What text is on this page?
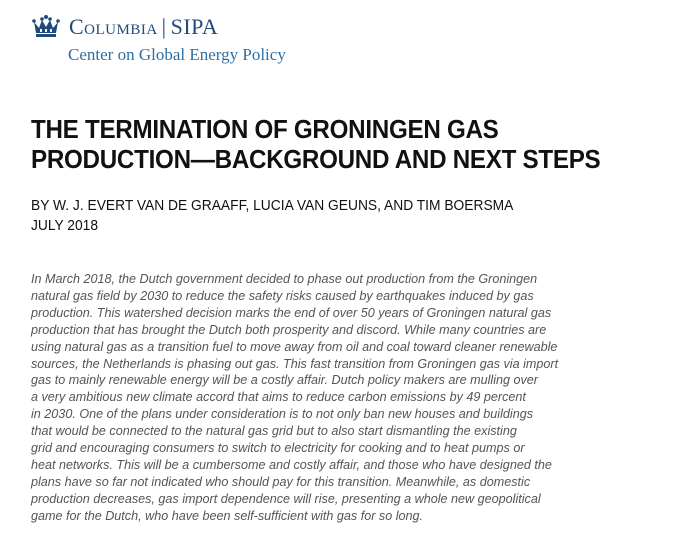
Columbia | SIPA
Center on Global Energy Policy
THE TERMINATION OF GRONINGEN GAS
PRODUCTION—BACKGROUND AND NEXT STEPS
BY W. J. EVERT VAN DE GRAAFF, LUCIA VAN GEUNS, AND TIM BOERSMA
JULY 2018
In March 2018, the Dutch government decided to phase out production from the Groningen
natural gas field by 2030 to reduce the safety risks caused by earthquakes induced by gas
production. This watershed decision marks the end of over 50 years of Groningen natural gas
production that has brought the Dutch both prosperity and discord. While many countries are
using natural gas as a transition fuel to move away from oil and coal toward cleaner renewable
sources, the Netherlands is phasing out gas. This fast transition from Groningen gas via import
gas to mainly renewable energy will be a costly affair. Dutch policy makers are mulling over
a very ambitious new climate accord that aims to reduce carbon emissions by 49 percent
in 2030. One of the plans under consideration is to not only ban new houses and buildings
that would be connected to the natural gas grid but to also start dismantling the existing
grid and encouraging consumers to switch to electricity for cooking and to heat pumps or
heat networks. This will be a cumbersome and costly affair, and those who have designed the
plans have so far not indicated who should pay for this transition. Meanwhile, as domestic
production decreases, gas import dependence will rise, presenting a whole new geopolitical
game for the Dutch, who have been self-sufficient with gas for so long.
